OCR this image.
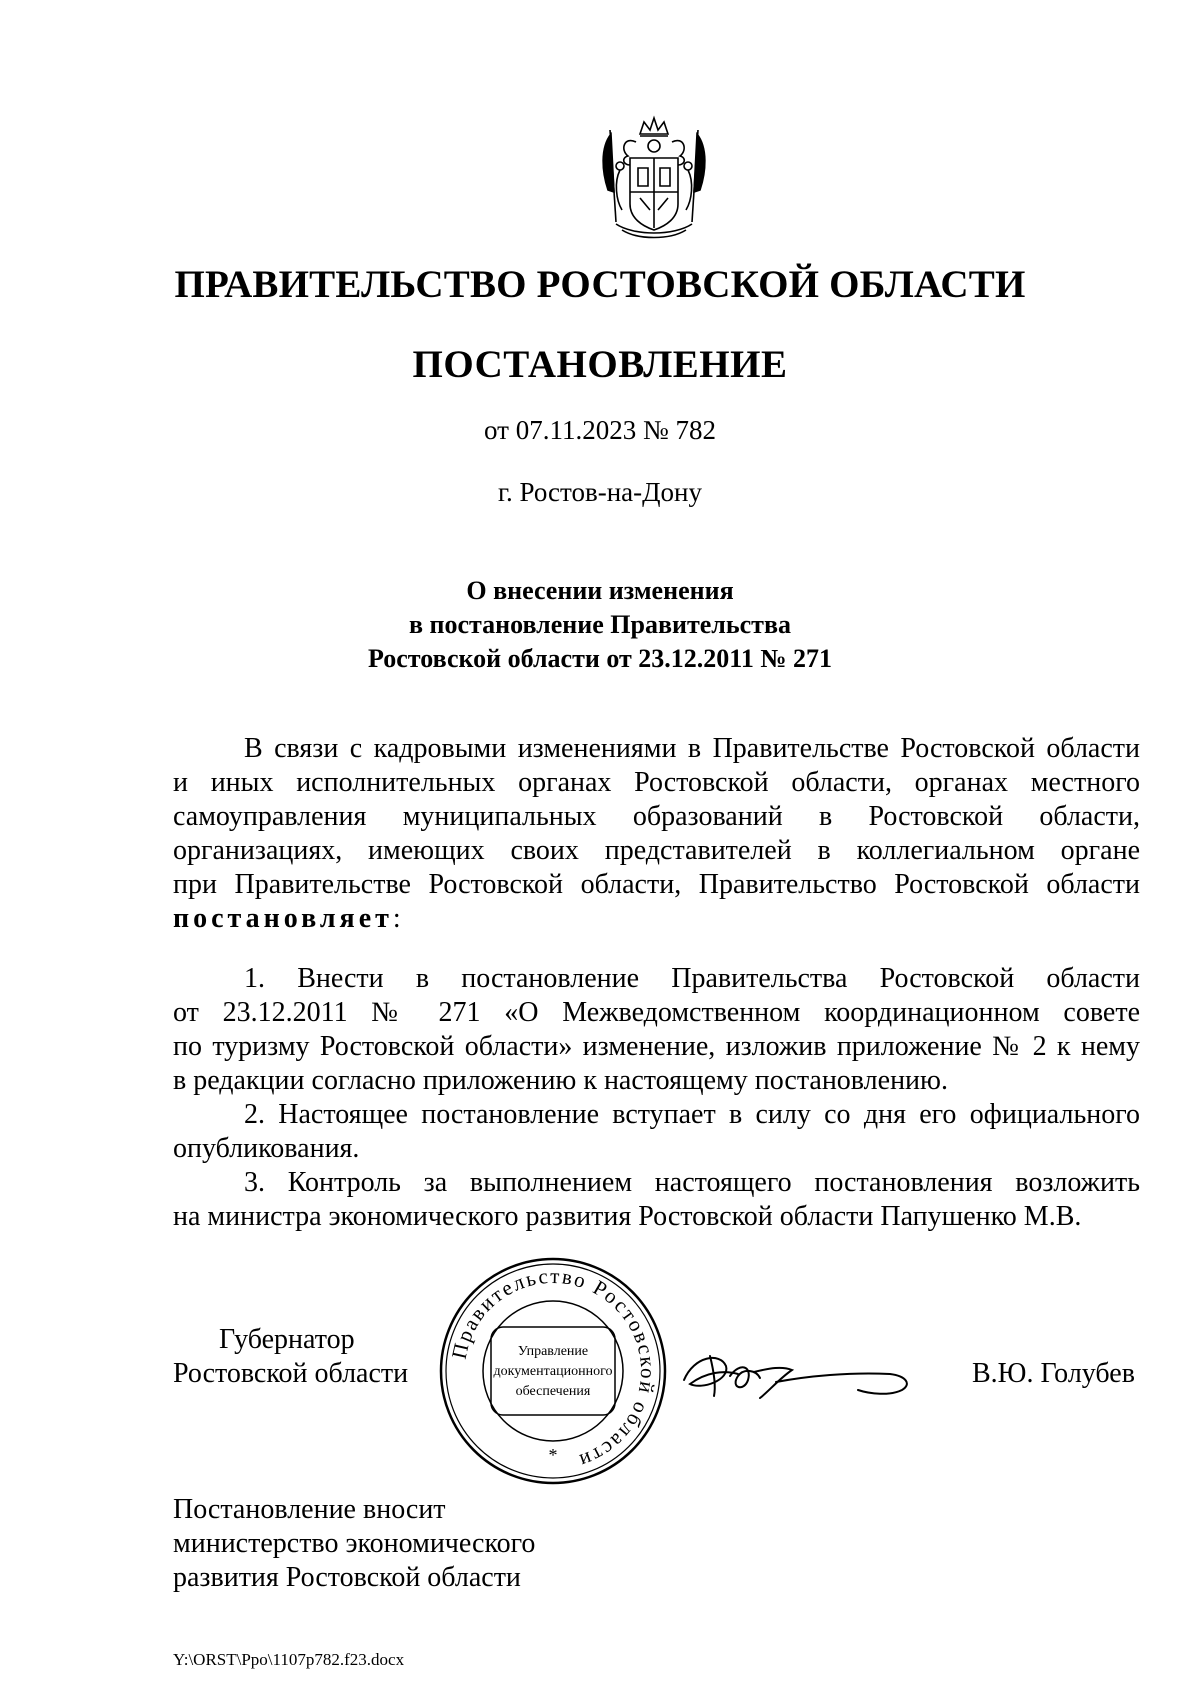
ПРАВИТЕЛЬСТВО РОСТОВСКОЙ ОБЛАСТИ
ПОСТАНОВЛЕНИЕ
от 07.11.2023 № 782
г. Ростов-на-Дону
О внесении изменения
в постановление Правительства
Ростовской области от 23.12.2011 № 271
В связи с кадровыми изменениями в Правительстве Ростовской области
и иных исполнительных органах Ростовской области, органах местного
самоуправления муниципальных образований в Ростовской области,
организациях, имеющих своих представителей в коллегиальном органе
при Правительстве Ростовской области, Правительство Ростовской области
постановляет:
1. Внести в постановление Правительства Ростовской области
от 23.12.2011 № 271 «О Межведомственном координационном совете
по туризму Ростовской области» изменение, изложив приложение № 2 к нему
в редакции согласно приложению к настоящему постановлению.
2. Настоящее постановление вступает в силу со дня его официального
опубликования.
3. Контроль за выполнением настоящего постановления возложить
на министра экономического развития Ростовской области Папушенко М.В.
Губернатор
Ростовской области
Правительство Ростовской области
Управление
документационного
обеспечения
*
В.Ю. Голубев
Постановление вносит
министерство экономического
развития Ростовской области
Y:\ORST\Ppo\1107p782.f23.docx
